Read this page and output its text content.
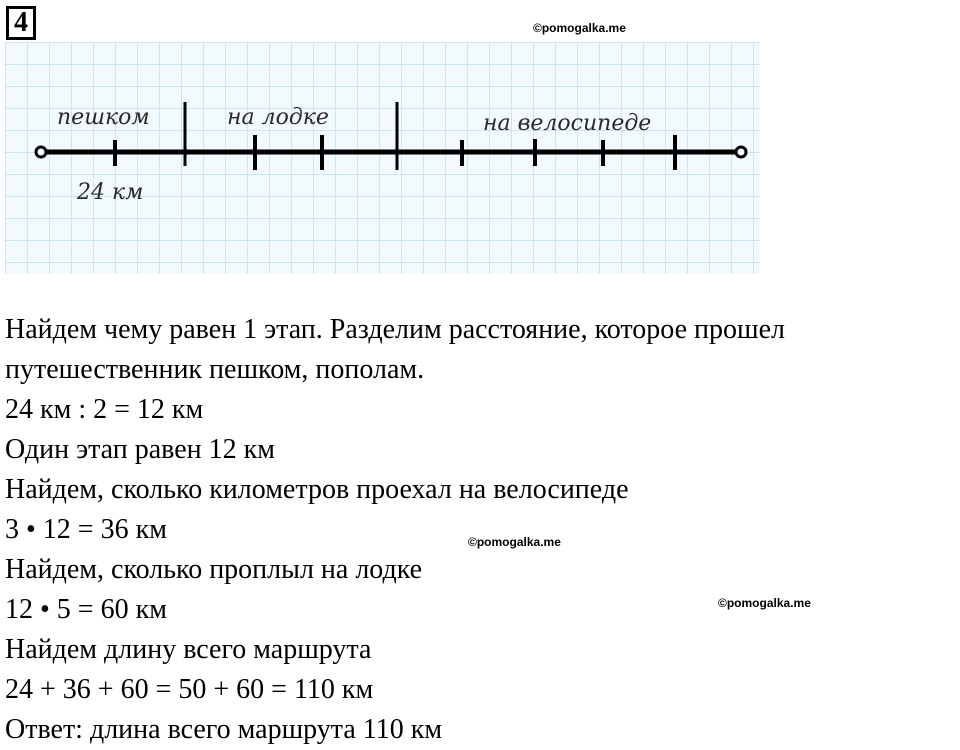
4	©pomogalka.me
©pomogalka.me
©pomogalka.me
пешком	на лодке	на велосипеде
24 км
Найдем чему равен 1 этап. Разделим расстояние, которое прошел
путешественник пешком, пополам.
24 км : 2 = 12 км
Один этап равен 12 км
Найдем, сколько километров проехал на велосипеде
3 • 12 = 36 км
Найдем, сколько проплыл на лодке
12 • 5 = 60 км
Найдем длину всего маршрута
24 + 36 + 60 = 50 + 60 = 110 км
Ответ: длина всего маршрута 110 км
